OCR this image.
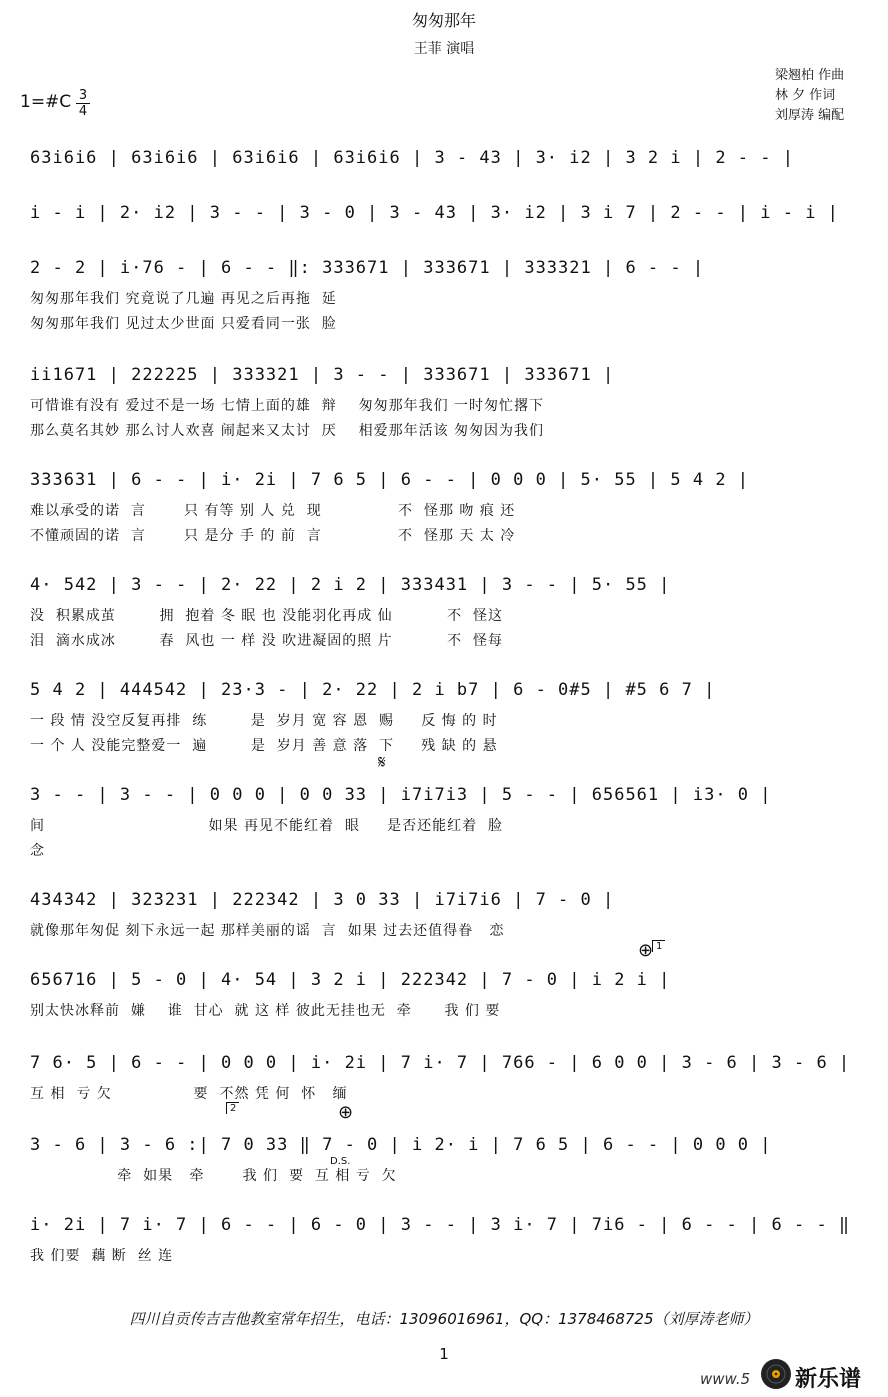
匆匆那年
王菲 演唱
梁翘柏 作曲
林 夕 作词
刘厚涛 编配
1=#C 3
4
63i6i6 | 63i6i6 | 63i6i6 | 63i6i6 | 3 - 43 | 3· i2 | 3 2 i | 2 - - |
i - i | 2· i2 | 3 - - | 3 - 0 | 3 - 43 | 3· i2 | 3 i 7 | 2 - - | i - i |
2 - 2 | i·76 - | 6 - - ‖: 333671 | 333671 | 333321 | 6 - - |
匆匆那年我们 究竟说了几遍 再见之后再拖  延
匆匆那年我们 见过太少世面 只爱看同一张  脸
ii1671 | 222225 | 333321 | 3 - - | 333671 | 333671 |
可惜谁有没有 爱过不是一场 七情上面的雄  辩    匆匆那年我们 一时匆忙撂下
那么莫名其妙 那么讨人欢喜 闹起来又太讨  厌    相爱那年活该 匆匆因为我们
333631 | 6 - - | i· 2i | 7 6 5 | 6 - - | 0 0 0 | 5· 55 | 5 4 2 |
难以承受的诺  言       只 有等 别 人 兑  现              不  怪那 吻 痕 还
不懂顽固的诺  言       只 是分 手 的 前  言              不  怪那 天 太 冷
4· 542 | 3 - - | 2· 22 | 2 i 2 | 333431 | 3 - - | 5· 55 |
没  积累成茧        拥  抱着 冬 眠 也 没能羽化再成 仙          不  怪这
泪  滴水成冰        春  风也 一 样 没 吹进凝固的照 片          不  怪每
5 4 2 | 444542 | 23·3 - | 2· 22 | 2 i b7 | 6 - 0#5 | #5 6 7 |
一 段 情 没空反复再排  练        是  岁月 宽 容 恩  赐     反 悔 的 时
一 个 人 没能完整爱一  遍        是  岁月 善 意 落  下     残 缺 的 悬
3 - - | 3 - - | 0 0 0 | 0 0 33 | i7i7i3 | 5 - - | 656561 | i3· 0 |
间                              如果 再见不能红着  眼     是否还能红着  脸
念
434342 | 323231 | 222342 | 3 0 33 | i7i7i6 | 7 - 0 |
就像那年匆促 刻下永远一起 那样美丽的谣  言  如果 过去还值得眷   恋
656716 | 5 - 0 | 4· 54 | 3 2 i | 222342 | 7 - 0 | i 2 i |
别太快冰释前  嫌    谁  甘心  就 这 样 彼此无挂也无  牵      我 们 要
7 6· 5 | 6 - - | 0 0 0 | i· 2i | 7 i· 7 | 766 - | 6 0 0 | 3 - 6 | 3 - 6 |
互 相  亏 欠               要  不然 凭 何  怀   缅
3 - 6 | 3 - 6 :| 7 0 33 ‖ 7 - 0 | i 2· i | 7 6 5 | 6 - - | 0 0 0 |
牵  如果   牵       我 们  要  互 相 亏  欠
i· 2i | 7 i· 7 | 6 - - | 6 - 0 | 3 - - | 3 i· 7 | 7i6 - | 6 - - | 6 - - ‖
我 们要  藕 断  丝 连
𝄋
⊕
⊕
D.S.
2
1
四川自贡传吉吉他教室常年招生，电话：13096016961，QQ：1378468725（刘厚涛老师）
1
www.5 新乐谱
